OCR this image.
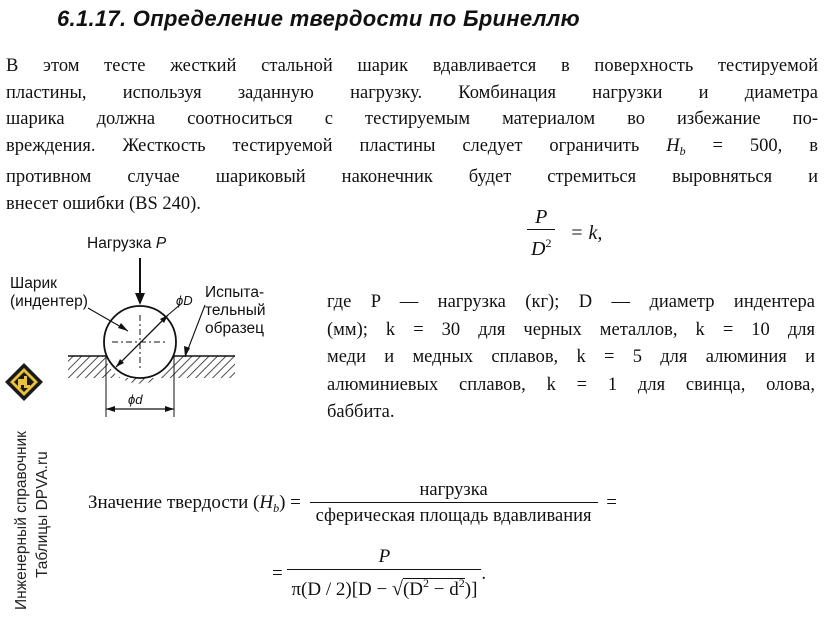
6.1.17. Определение твердости по Бринеллю

В этом тесте жесткий стальной шарик вдавливается в поверхность тестируемой
пластины, используя заданную нагрузку. Комбинация нагрузки и диаметра
шарика должна соотноситься с тестируемым материалом во избежание по-
вреждения. Жесткость тестируемой пластины следует ограничить $H_b = 500$, в
противном случае шариковый наконечник будет стремиться выровняться и
внесет ошибки (BS 240).

$\frac{P}{D^2} = k$,
Нагрузка P
Шарик
(индентер)
Испыта-
тельный
образец
ϕD
ϕd

где P — нагрузка (кг); D — диаметр индентера
(мм); k = 30 для черных металлов, k = 10 для
меди и медных сплавов, k = 5 для алюминия и
алюминиевых сплавов, k = 1 для свинца, олова,
баббита.

Инженерный справочник Таблицы DPVA.ru Значение твердости $(H_b) = \frac{\text{нагрузка}}{\text{сферическая площадь вдавливания}}$ =
= $\frac{P}{\pi(D / 2)[D - √(D^2 - d^2)]}$ .
